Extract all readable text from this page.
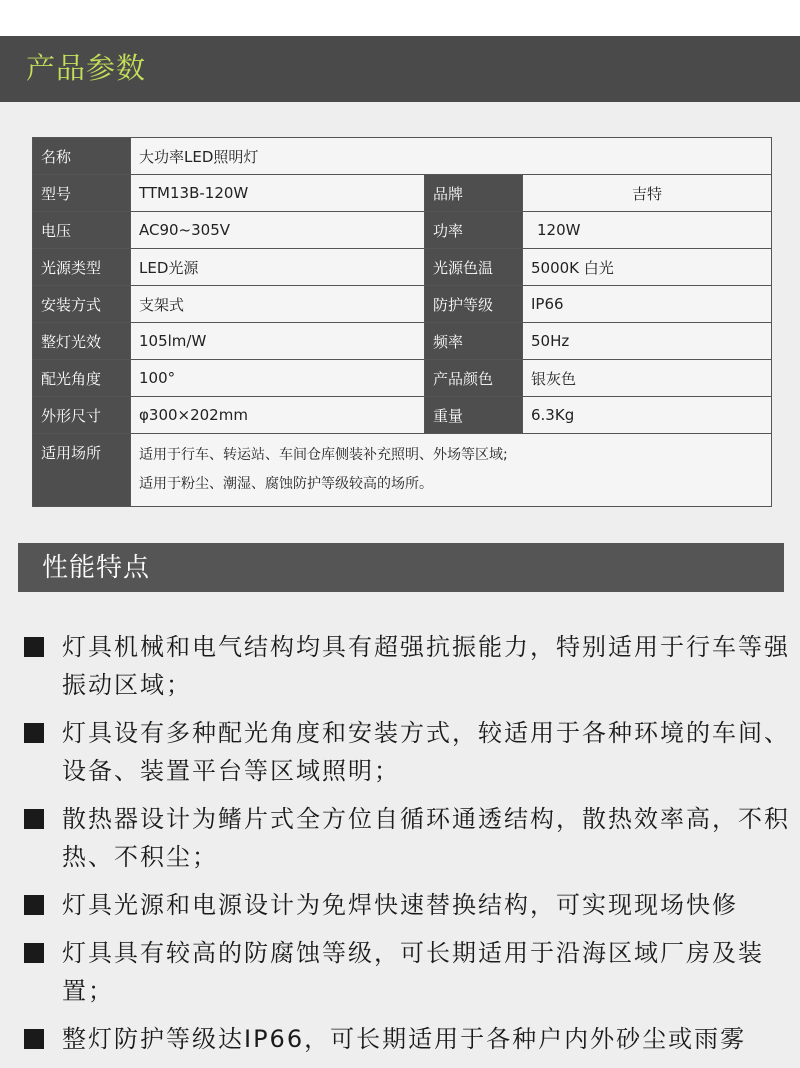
产品参数
名称	大功率LED照明灯		
型号	TTM13B-120W	品牌	吉特
电压	AC90~305V	功率	120W
光源类型	LED光源	光源色温	5000K 白光
安装方式	支架式	防护等级	IP66
整灯光效	105lm/W	频率	50Hz
配光角度	100°	产品颜色	银灰色
外形尺寸	φ300×202mm	重量	6.3Kg
适用场所	适用于行车、转运站、车间仓库侧装补充照明、外场等区域;
适用于粉尘、潮湿、腐蚀防护等级较高的场所。		
性能特点
灯具机械和电气结构均具有超强抗振能力，特别适用于行车等强振动区域；
灯具设有多种配光角度和安装方式，较适用于各种环境的车间、设备、装置平台等区域照明；
散热器设计为鳍片式全方位自循环通透结构，散热效率高，不积热、不积尘；
灯具光源和电源设计为免焊快速替换结构，可实现现场快修
灯具具有较高的防腐蚀等级，可长期适用于沿海区域厂房及装置；
整灯防护等级达IP66，可长期适用于各种户内外砂尘或雨雾
